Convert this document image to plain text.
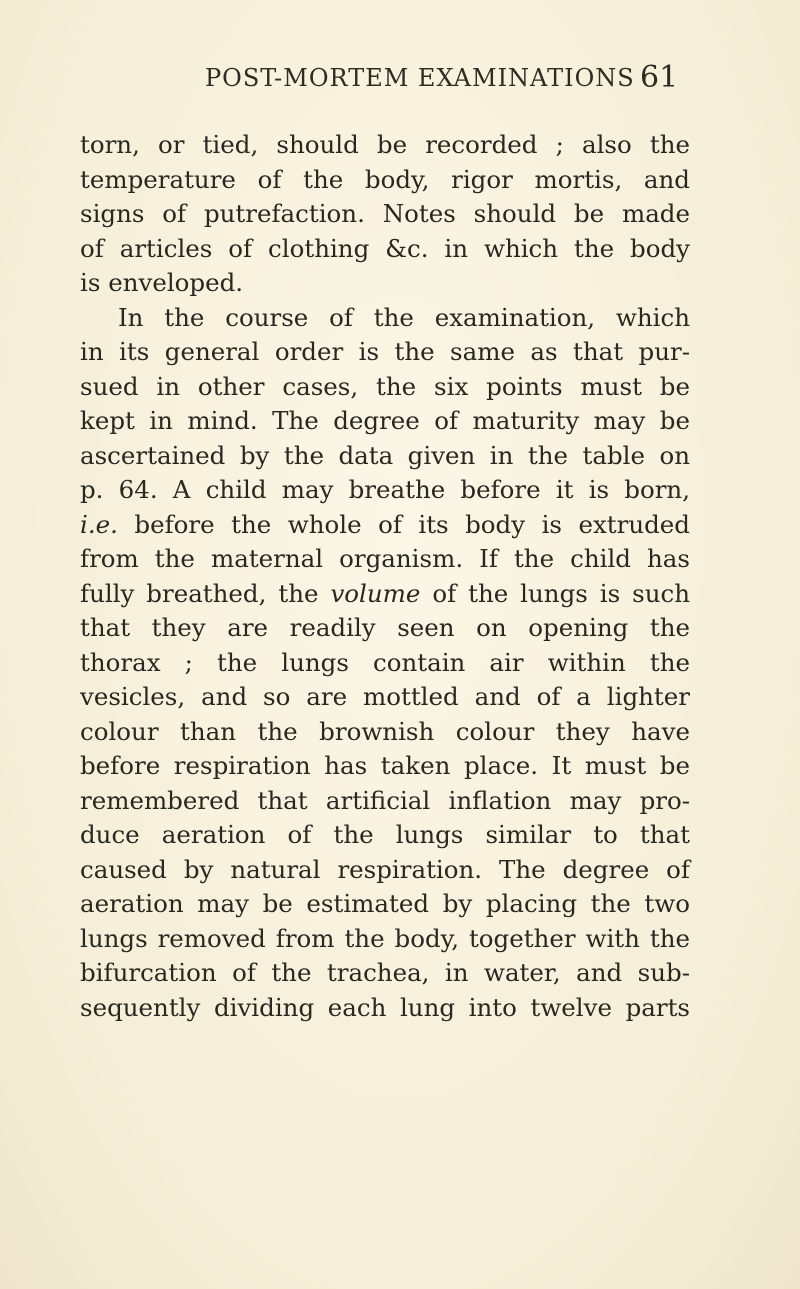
POST-MORTEM EXAMINATIONS 61
torn, or tied, should be recorded ; also the
temperature of the body, rigor mortis, and
signs of putrefaction. Notes should be made
of articles of clothing &c. in which the body
is enveloped.
In the course of the examination, which
in its general order is the same as that pur-
sued in other cases, the six points must be
kept in mind. The degree of maturity may be
ascertained by the data given in the table on
p. 64. A child may breathe before it is born,
i.e. before the whole of its body is extruded
from the maternal organism. If the child has
fully breathed, the volume of the lungs is such
that they are readily seen on opening the
thorax ; the lungs contain air within the
vesicles, and so are mottled and of a lighter
colour than the brownish colour they have
before respiration has taken place. It must be
remembered that artificial inflation may pro-
duce aeration of the lungs similar to that
caused by natural respiration. The degree of
aeration may be estimated by placing the two
lungs removed from the body, together with the
bifurcation of the trachea, in water, and sub-
sequently dividing each lung into twelve parts
